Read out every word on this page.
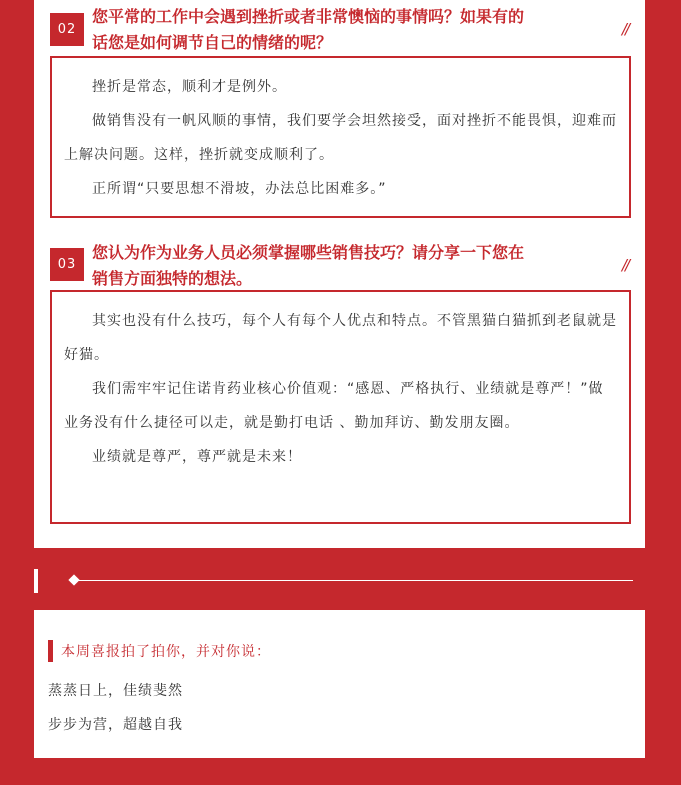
02
您平常的工作中会遇到挫折或者非常懊恼的事情吗？如果有的
话您是如何调节自己的情绪的呢？
//

挫折是常态，顺利才是例外。

做销售没有一帆风顺的事情，我们要学会坦然接受，面对挫折不能畏惧，迎难而上解决问题。这样，挫折就变成顺利了。

正所谓“只要思想不滑坡，办法总比困难多。”

03
您认为作为业务人员必须掌握哪些销售技巧？请分享一下您在
销售方面独特的想法。
//

其实也没有什么技巧，每个人有每个人优点和特点。不管黑猫白猫抓到老鼠就是好猫。

我们需牢牢记住诺肯药业核心价值观：“感恩、严格执行、业绩就是尊严！”做业务没有什么捷径可以走，就是勤打电话 、勤加拜访、勤发朋友圈。

业绩就是尊严，尊严就是未来！

本周喜报拍了拍你，并对你说：
蒸蒸日上，佳绩斐然
步步为营，超越自我
